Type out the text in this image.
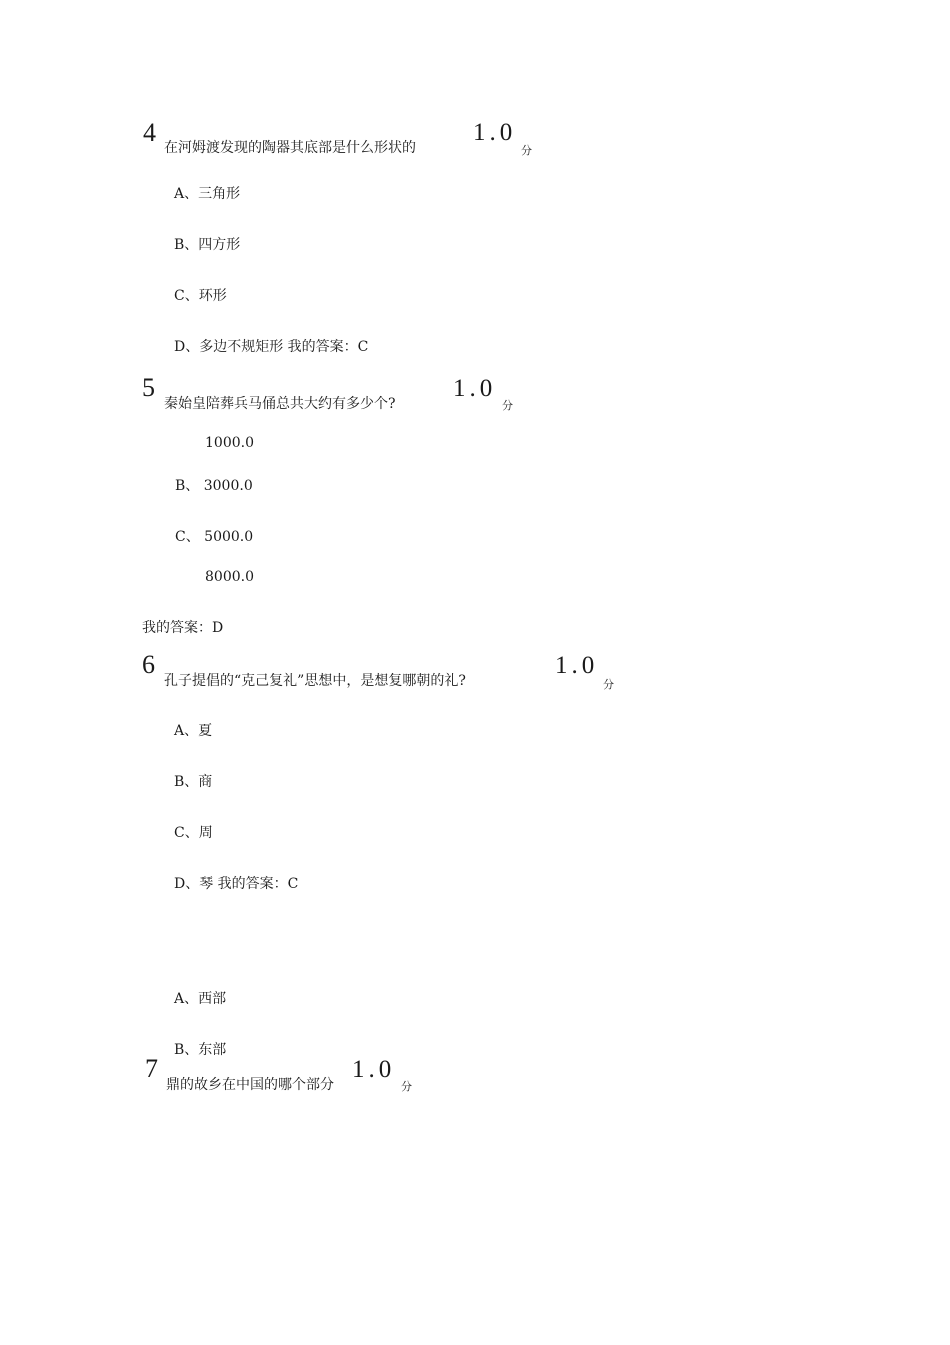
4
在河姆渡发现的陶器其底部是什么形状的
1.0
分
A、三角形
B、四方形
C、环形
D、多边不规矩形 我的答案：C
5
秦始皇陪葬兵马俑总共大约有多少个?
1.0
分
1000.0
B、 3000.0
C、 5000.0
8000.0
我的答案：D
6
孔子提倡的“克己复礼”思想中，是想复哪朝的礼?
1.0
分
A、夏
B、商
C、周
D、琴 我的答案：C
A、西部
B、东部
7
鼎的故乡在中国的哪个部分
1.0
分
